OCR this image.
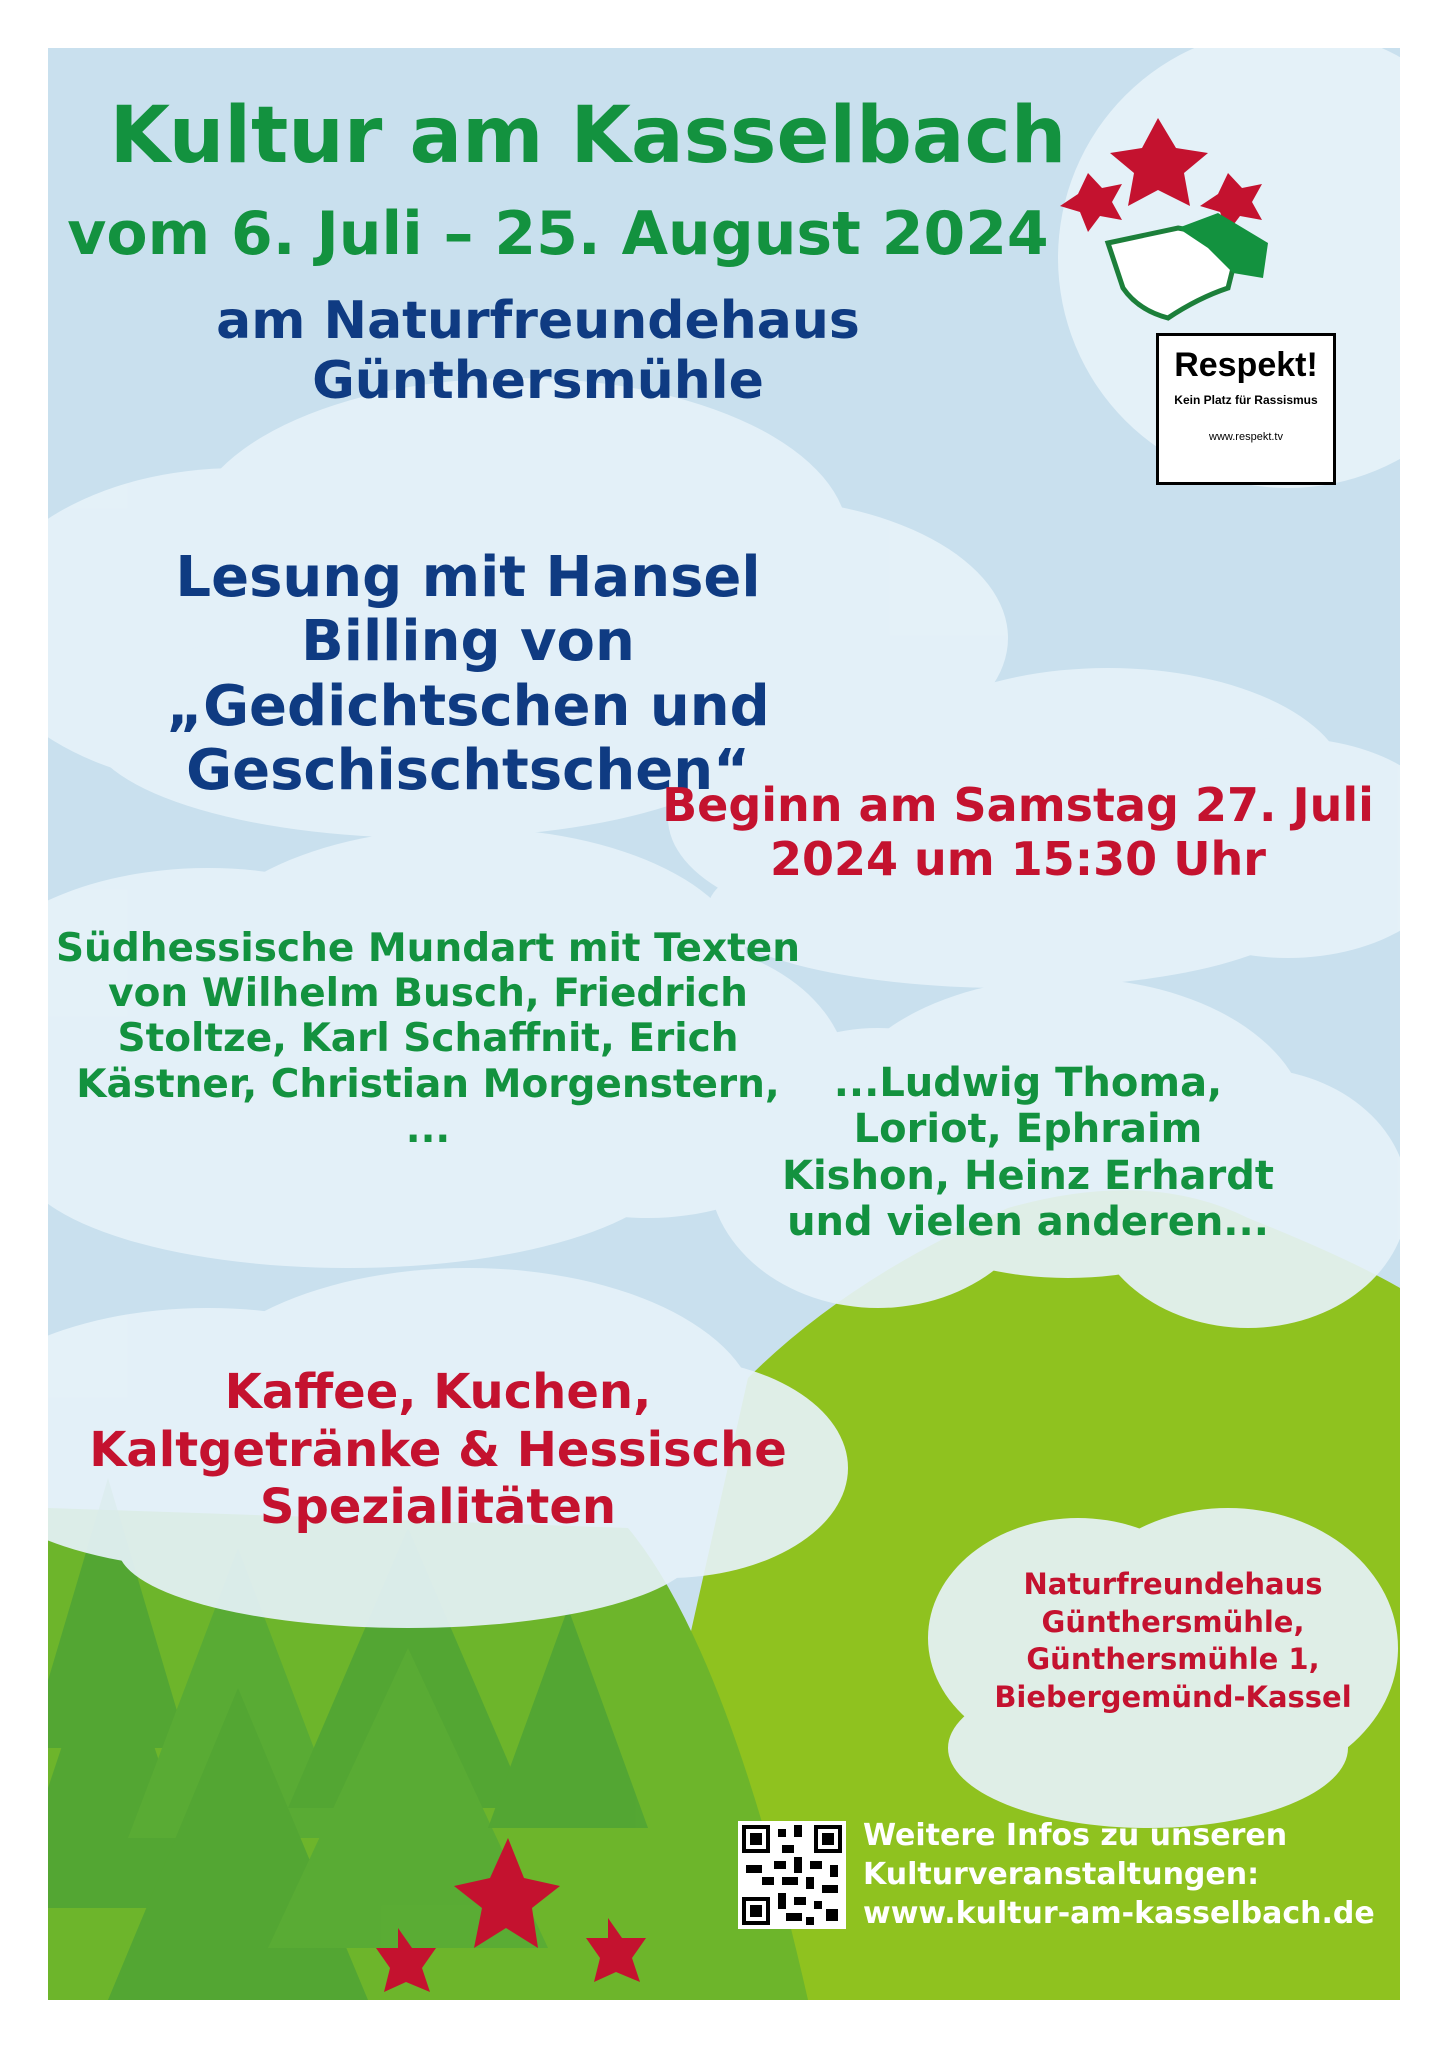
Kultur am Kasselbach
vom 6. Juli – 25. August 2024
am Naturfreundehaus Günthersmühle
Lesung mit Hansel Billing von „Gedichtschen und Geschischtschen“
Beginn am Samstag 27. Juli 2024 um 15:30 Uhr
Südhessische Mundart mit Texten von Wilhelm Busch, Friedrich Stoltze, Karl Schaffnit, Erich Kästner, Christian Morgenstern, ...
...Ludwig Thoma, Loriot, Ephraim Kishon, Heinz Erhardt und vielen anderen...
Kaffee, Kuchen, Kaltgetränke & Hessische Spezialitäten
Naturfreundehaus Günthersmühle, Günthersmühle 1, Biebergemünd-Kassel
Respekt!
Kein Platz für Rassismus
www.respekt.tv
Weitere Infos zu unseren Kulturveranstaltungen: www.kultur-am-kasselbach.de
